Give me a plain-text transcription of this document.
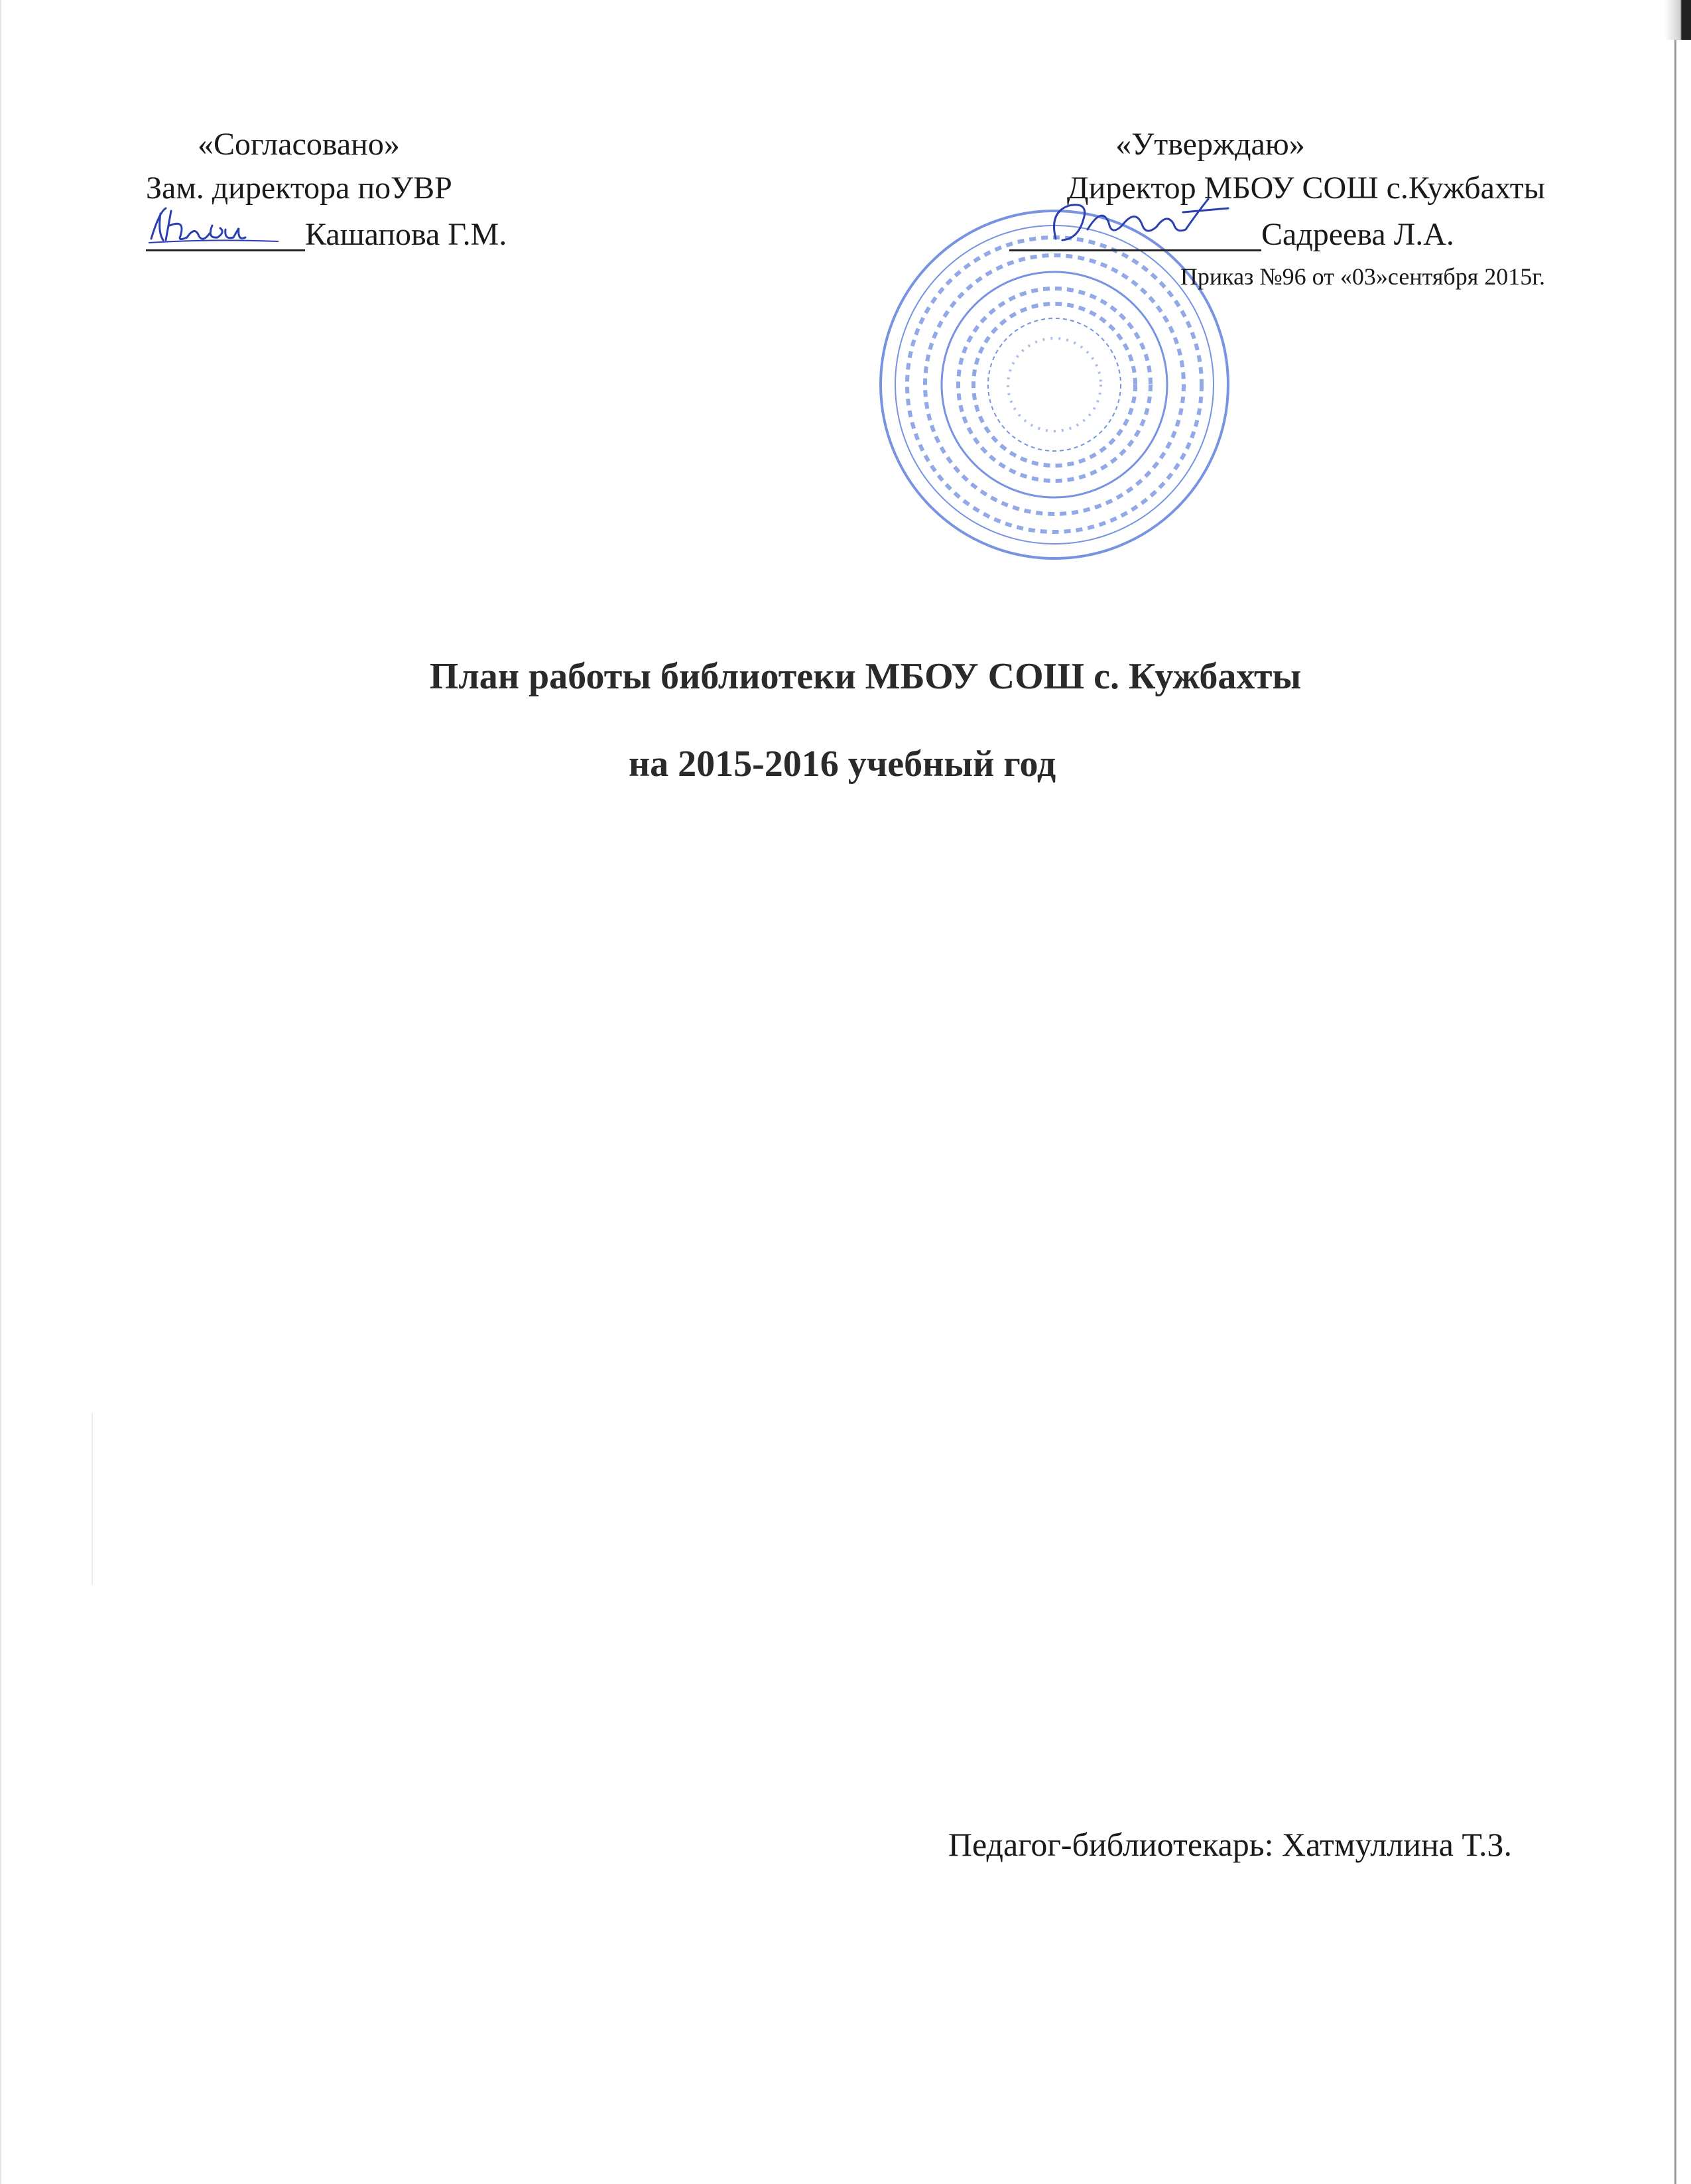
«Согласовано»
Зам. директора поУВР
Кашапова Г.М.
«Утверждаю»
Директор МБОУ СОШ с.Кужбахты
Садреева Л.А.
Приказ №96 от «03»сентября 2015г.
План работы библиотеки МБОУ СОШ с. Кужбахты
на 2015-2016 учебный год
Педагог-библиотекарь: Хатмуллина Т.З.
